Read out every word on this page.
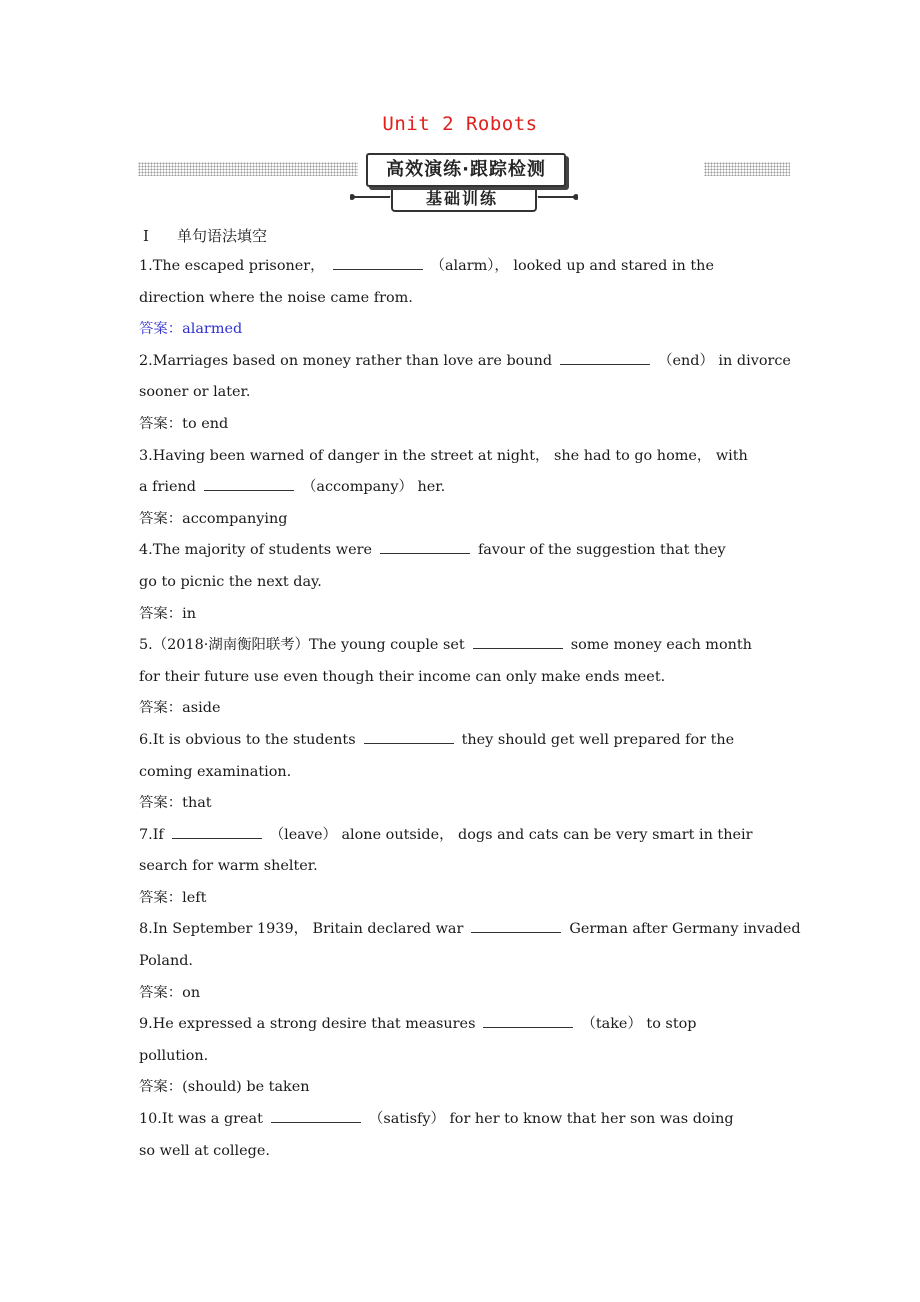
Unit 2 Robots
高效演练·跟踪检测
基础训练
Ⅰ 单句语法填空

1.The escaped prisoner，	（alarm）， looked up and stared in the

direction where the noise came from.

答案：alarmed

2.Marriages based on money rather than love are bound	（end） in divorce

sooner or later.

答案：to end

3.Having been warned of danger in the street at night， she had to go home， with

a friend	（accompany） her.

答案：accompanying

4.The majority of students were	favour of the suggestion that they

go to picnic the next day.

答案：in

5.（2018·湖南衡阳联考）The young couple set	some money each month

for their future use even though their income can only make ends meet.

答案：aside

6.It is obvious to the students	they should get well prepared for the

coming examination.

答案：that

7.If	（leave） alone outside， dogs and cats can be very smart in their

search for warm shelter.

答案：left

8.In September 1939， Britain declared war	German after Germany invaded

Poland.

答案：on

9.He expressed a strong desire that measures	（take） to stop

pollution.

答案：(should) be taken

10.It was a great	（satisfy） for her to know that her son was doing

so well at college.
